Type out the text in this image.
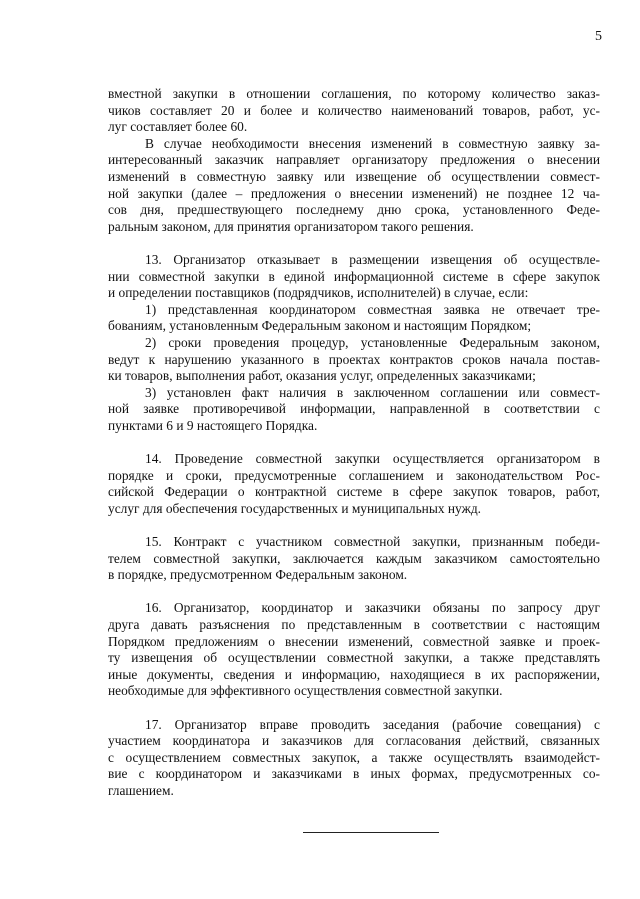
5
вместной закупки в отношении соглашения, по которому количество заказ-
чиков составляет 20 и более и количество наименований товаров, работ, ус-
луг составляет более 60.
В случае необходимости внесения изменений в совместную заявку за-
интересованный заказчик направляет организатору предложения о внесении
изменений в совместную заявку или извещение об осуществлении совмест-
ной закупки (далее – предложения о внесении изменений) не позднее 12 ча-
сов дня, предшествующего последнему дню срока, установленного Феде-
ральным законом, для принятия организатором такого решения.
13. Организатор отказывает в размещении извещения об осуществле-
нии совместной закупки в единой информационной системе в сфере закупок
и определении поставщиков (подрядчиков, исполнителей) в случае, если:
1) представленная координатором совместная заявка не отвечает тре-
бованиям, установленным Федеральным законом и настоящим Порядком;
2) сроки проведения процедур, установленные Федеральным законом,
ведут к нарушению указанного в проектах контрактов сроков начала постав-
ки товаров, выполнения работ, оказания услуг, определенных заказчиками;
3) установлен факт наличия в заключенном соглашении или совмест-
ной заявке противоречивой информации, направленной в соответствии с
пунктами 6 и 9 настоящего Порядка.
14. Проведение совместной закупки осуществляется организатором в
порядке и сроки, предусмотренные соглашением и законодательством Рос-
сийской Федерации о контрактной системе в сфере закупок товаров, работ,
услуг для обеспечения государственных и муниципальных нужд.
15. Контракт с участником совместной закупки, признанным победи-
телем совместной закупки, заключается каждым заказчиком самостоятельно
в порядке, предусмотренном Федеральным законом.
16. Организатор, координатор и заказчики обязаны по запросу друг
друга давать разъяснения по представленным в соответствии с настоящим
Порядком предложениям о внесении изменений, совместной заявке и проек-
ту извещения об осуществлении совместной закупки, а также представлять
иные документы, сведения и информацию, находящиеся в их распоряжении,
необходимые для эффективного осуществления совместной закупки.
17. Организатор вправе проводить заседания (рабочие совещания) с
участием координатора и заказчиков для согласования действий, связанных
с осуществлением совместных закупок, а также осуществлять взаимодейст-
вие с координатором и заказчиками в иных формах, предусмотренных со-
глашением.
